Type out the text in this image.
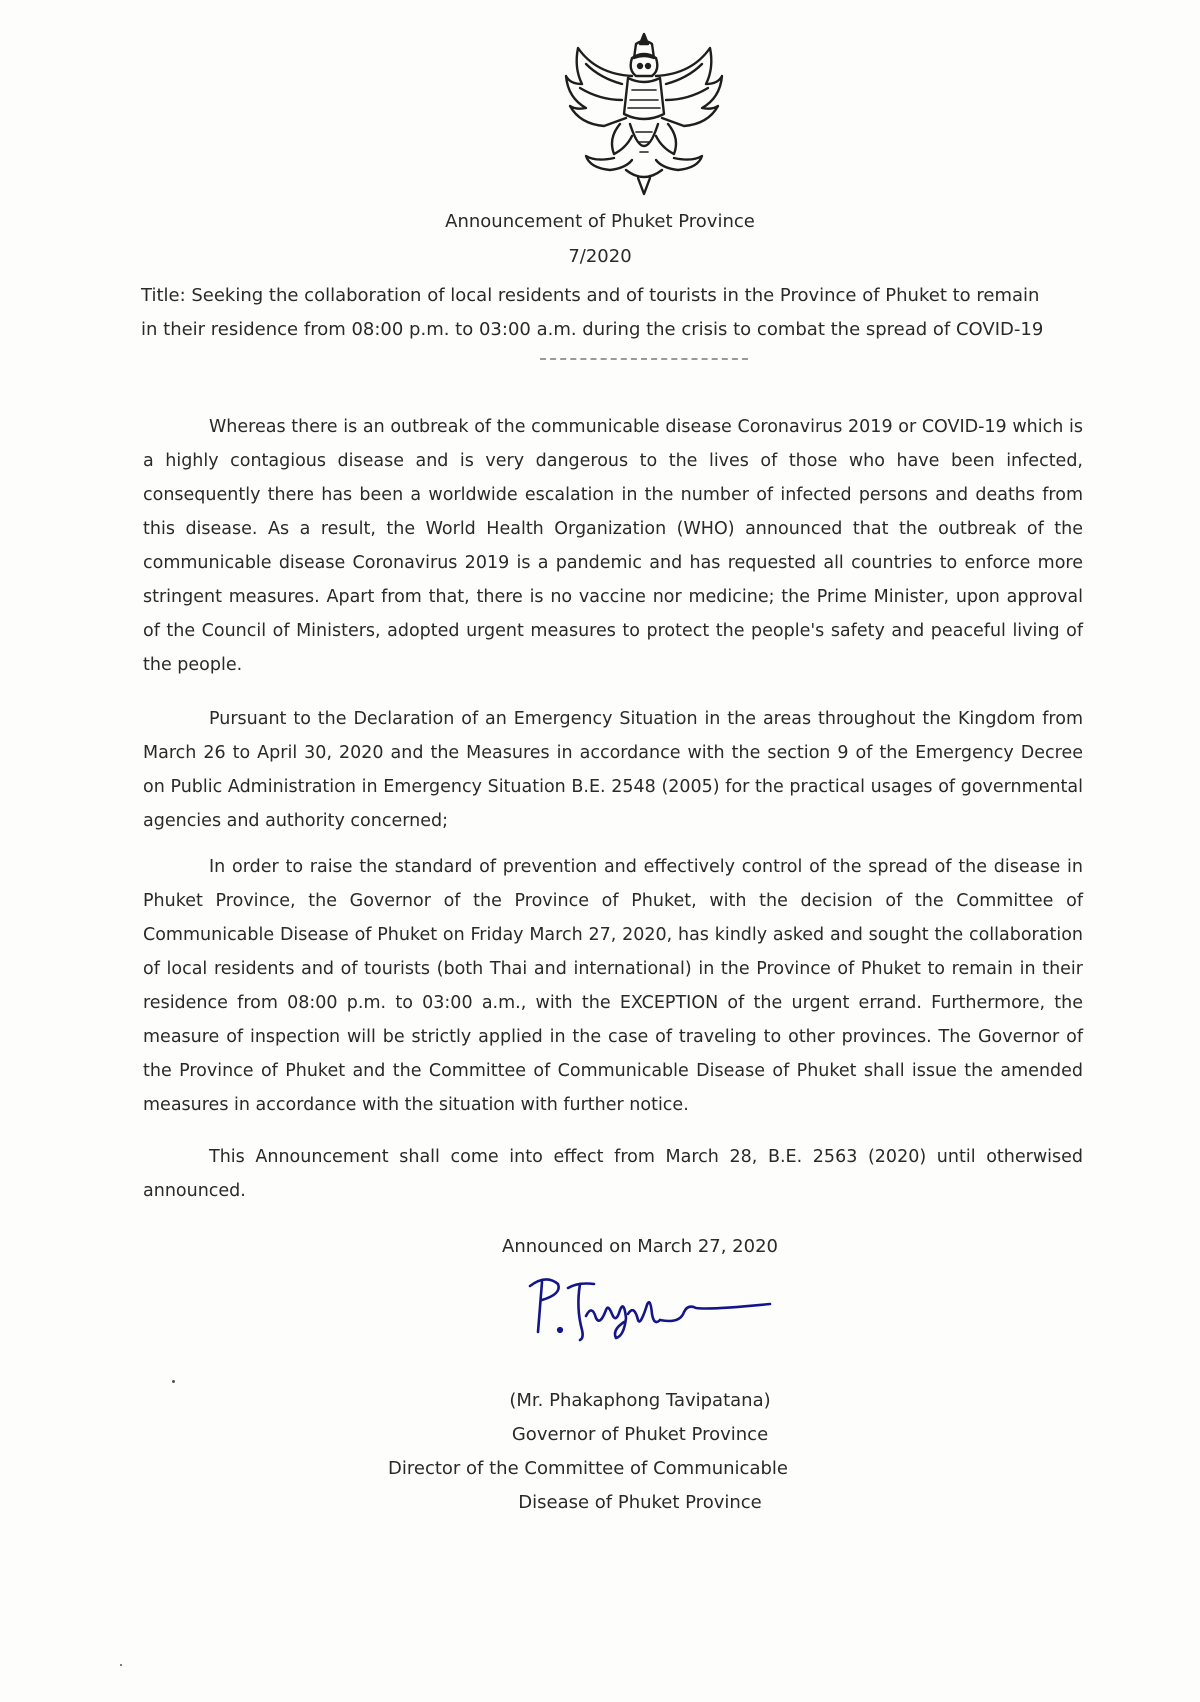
Announcement of Phuket Province
7/2020
Title: Seeking the collaboration of local residents and of tourists in the Province of Phuket to remain
in their residence from 08:00 p.m. to 03:00 a.m. during the crisis to combat the spread of COVID-19

Whereas there is an outbreak of the communicable disease Coronavirus 2019 or COVID-19 which is a highly contagious disease and is very dangerous to the lives of those who have been infected, consequently there has been a worldwide escalation in the number of infected persons and deaths from this disease. As a result, the World Health Organization (WHO) announced that the outbreak of the communicable disease Coronavirus 2019 is a pandemic and has requested all countries to enforce more stringent measures. Apart from that, there is no vaccine nor medicine; the Prime Minister, upon approval of the Council of Ministers, adopted urgent measures to protect the people's safety and peaceful living of the people.

Pursuant to the Declaration of an Emergency Situation in the areas throughout the Kingdom from March 26 to April 30, 2020 and the Measures in accordance with the section 9 of the Emergency Decree on Public Administration in Emergency Situation B.E. 2548 (2005) for the practical usages of governmental agencies and authority concerned;

In order to raise the standard of prevention and effectively control of the spread of the disease in Phuket Province, the Governor of the Province of Phuket, with the decision of the Committee of Communicable Disease of Phuket on Friday March 27, 2020, has kindly asked and sought the collaboration of local residents and of tourists (both Thai and international) in the Province of Phuket to remain in their residence from 08:00 p.m. to 03:00 a.m., with the EXCEPTION of the urgent errand. Furthermore, the measure of inspection will be strictly applied in the case of traveling to other provinces. The Governor of the Province of Phuket and the Committee of Communicable Disease of Phuket shall issue the amended measures in accordance with the situation with further notice.

This Announcement shall come into effect from March 28, B.E. 2563 (2020) until otherwised announced.

Announced on March 27, 2020
(Mr. Phakaphong Tavipatana)
Governor of Phuket Province
Director of the Committee of Communicable
Disease of Phuket Province
